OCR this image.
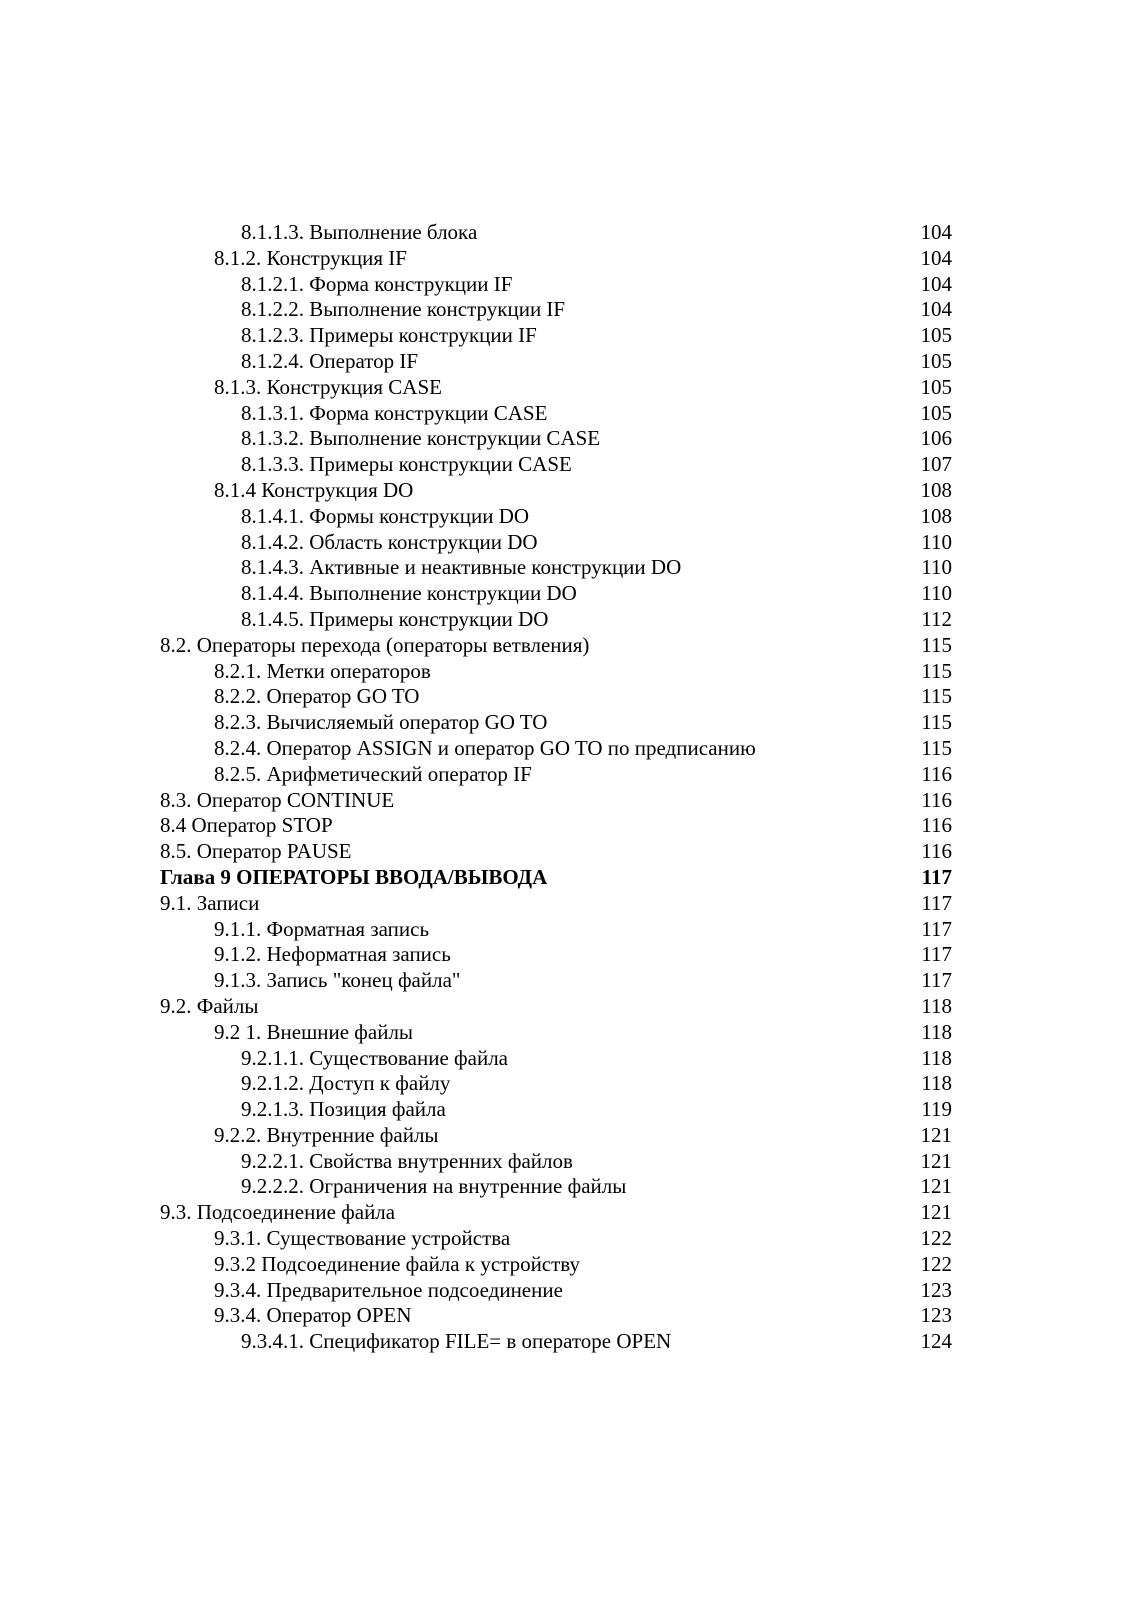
8.1.1.3. Выполнение блока	104
8.1.2. Конструкция IF	104
8.1.2.1. Форма конструкции IF	104
8.1.2.2. Выполнение конструкции IF	104
8.1.2.3. Примеры конструкции IF	105
8.1.2.4. Оператор IF	105
8.1.3. Конструкция CASE	105
8.1.3.1. Форма конструкции CASE	105
8.1.3.2. Выполнение конструкции CASE	106
8.1.3.3. Примеры конструкции CASE	107
8.1.4 Конструкция DO	108
8.1.4.1. Формы конструкции DO	108
8.1.4.2. Область конструкции DO	110
8.1.4.3. Активные и неактивные конструкции DO	110
8.1.4.4. Выполнение конструкции DO	110
8.1.4.5. Примеры конструкции DO	112
8.2. Операторы перехода (операторы ветвления)	115
8.2.1. Метки операторов	115
8.2.2. Оператор GO TO	115
8.2.3. Вычисляемый оператор GO TO	115
8.2.4. Оператор ASSIGN и оператор GO TO по предписанию	115
8.2.5. Арифметический оператор IF	116
8.3. Оператор CONTINUE	116
8.4 Оператор STOP	116
8.5. Оператор PAUSE	116
Глава 9 ОПЕРАТОРЫ ВВОДА/ВЫВОДА	117
9.1. Записи	117
9.1.1. Форматная запись	117
9.1.2. Неформатная запись	117
9.1.3. Запись "конец файла"	117
9.2. Файлы	118
9.2 1. Внешние файлы	118
9.2.1.1. Существование файла	118
9.2.1.2. Доступ к файлу	118
9.2.1.3. Позиция файла	119
9.2.2. Внутренние файлы	121
9.2.2.1. Свойства внутренних файлов	121
9.2.2.2. Ограничения на внутренние файлы	121
9.3. Подсоединение файла	121
9.3.1. Существование устройства	122
9.3.2 Подсоединение файла к устройству	122
9.3.4. Предварительное подсоединение	123
9.3.4. Оператор OPEN	123
9.3.4.1. Спецификатор FILE= в операторе OPEN	124
